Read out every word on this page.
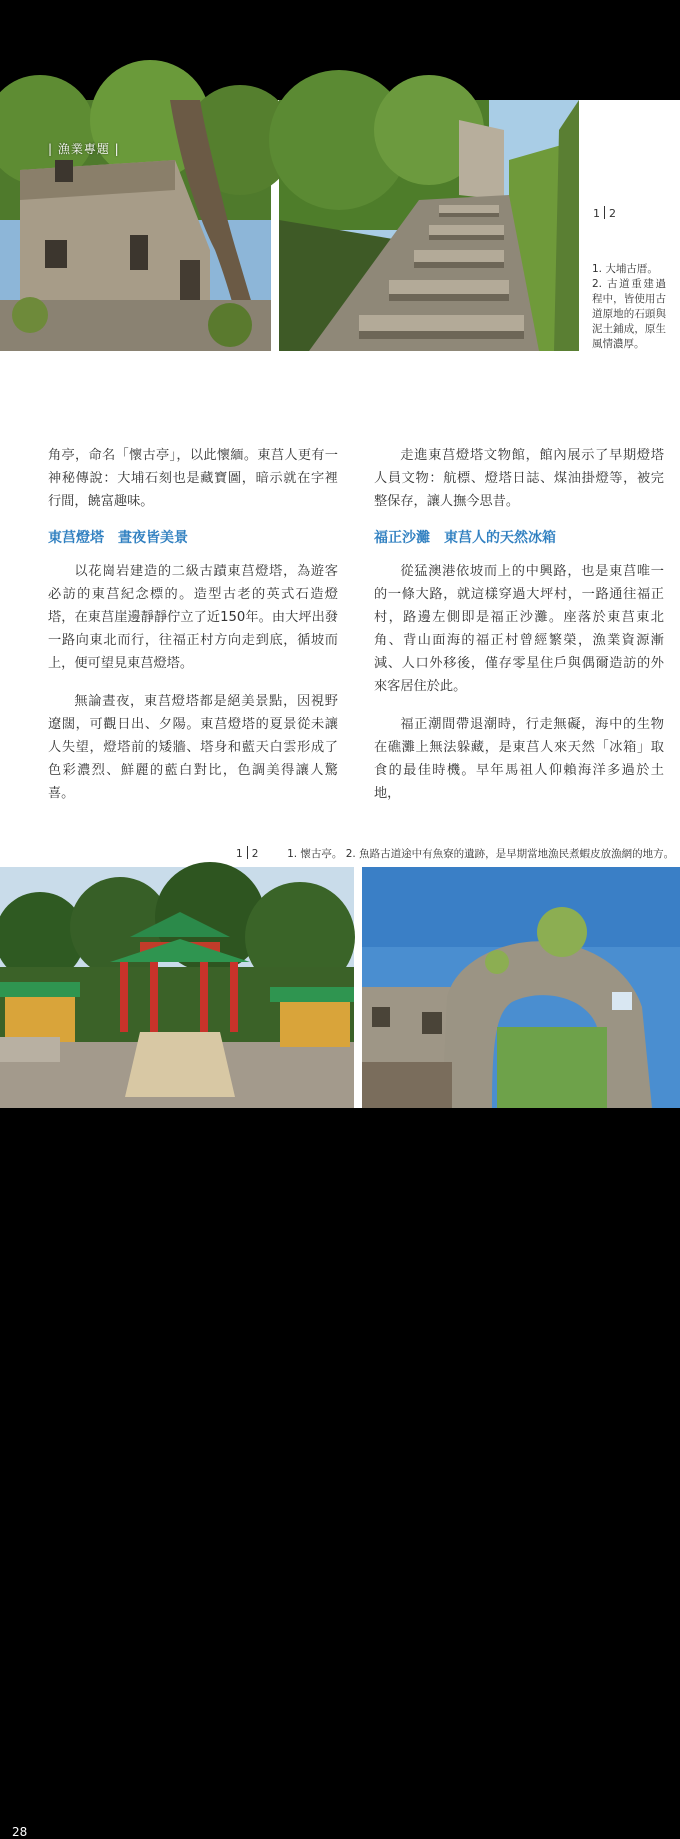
| 漁業專題 |
1 2

1. 大埔古厝。

2. 古道重建過程中，皆使用古道原地的石頭與泥土鋪成，原生風情濃厚。

角亭，命名「懷古亭」，以此懷緬。東莒人更有一神秘傳說：大埔石刻也是藏寶圖，暗示就在字裡行間，饒富趣味。

東莒燈塔　晝夜皆美景

以花崗岩建造的二級古蹟東莒燈塔，為遊客必訪的東莒紀念標的。造型古老的英式石造燈塔，在東莒崖邊靜靜佇立了近150年。由大坪出發一路向東北而行，往福正村方向走到底，循坡而上，便可望見東莒燈塔。

無論晝夜，東莒燈塔都是絕美景點，因視野遼闊，可觀日出、夕陽。東莒燈塔的夏景從未讓人失望，燈塔前的矮牆、塔身和藍天白雲形成了色彩濃烈、鮮麗的藍白對比，色調美得讓人驚喜。

走進東莒燈塔文物館，館內展示了早期燈塔人員文物：航標、燈塔日誌、煤油掛燈等，被完整保存，讓人撫今思昔。

福正沙灘　東莒人的天然冰箱

從猛澳港依坡而上的中興路，也是東莒唯一的一條大路，就這樣穿過大坪村，一路通往福正村，路邊左側即是福正沙灘。座落於東莒東北角、背山面海的福正村曾經繁榮，漁業資源漸減、人口外移後，僅存零星住戶與偶爾造訪的外來客居住於此。

福正潮間帶退潮時，行走無礙，海中的生物在礁灘上無法躲藏，是東莒人來天然「冰箱」取食的最佳時機。早年馬祖人仰賴海洋多過於土地，

1 2	1. 懷古亭。 2. 魚路古道途中有魚寮的遺跡，是早期當地漁民煮蝦皮放漁網的地方。
28
